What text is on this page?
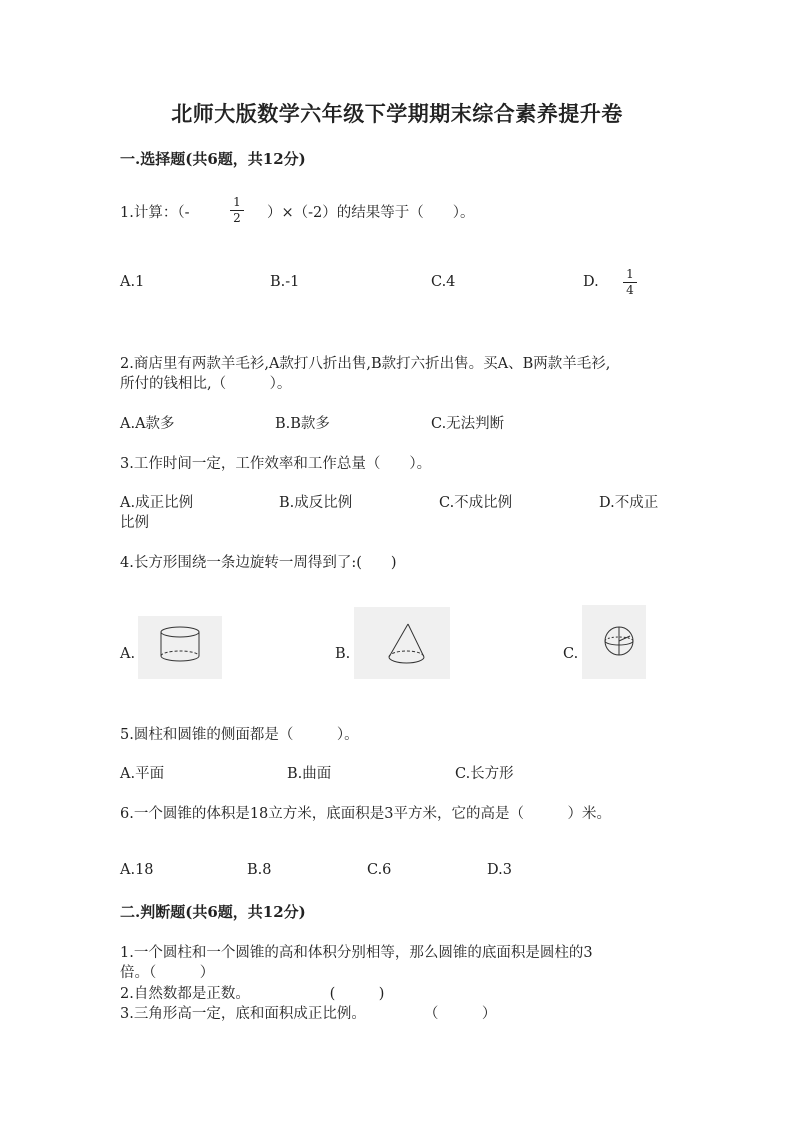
北师大版数学六年级下学期期末综合素养提升卷
一.选择题(共6题，共12分)
1.计算：（-
1
2 ）×（-2）的结果等于（　　）。
A.1	B.-1	C.4	D. 1
4
2.商店里有两款羊毛衫,A款打八折出售,B款打六折出售。买A、B两款羊毛衫,
所付的钱相比,（　　　）。
A.A款多	B.B款多	C.无法判断
3.工作时间一定，工作效率和工作总量（　　）。
A.成正比例	B.成反比例	C.不成比例	D.不成正
比例
4.长方形围绕一条边旋转一周得到了:(　　)
A.	B.	C.
5.圆柱和圆锥的侧面都是（　　　）。
A.平面	B.曲面	C.长方形
6.一个圆锥的体积是18立方米，底面积是3平方米，它的高是（　　　）米。
A.18	B.8	C.6	D.3
二.判断题(共6题，共12分)
1.一个圆柱和一个圆锥的高和体积分别相等，那么圆锥的底面积是圆柱的3
倍。（　　　）
2.自然数都是正数。　　　　　　(　　　)
3.三角形高一定，底和面积成正比例。　　　　　（　　　）
